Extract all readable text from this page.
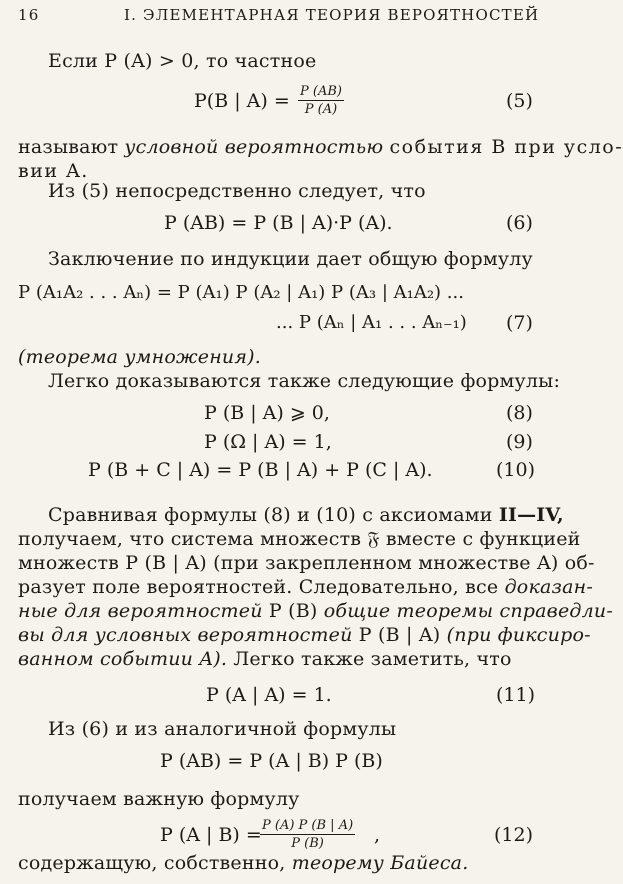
16	I. ЭЛЕМЕНТАРНАЯ ТЕОРИЯ ВЕРОЯТНОСТЕЙ
Если P (A) > 0, то частное
P(B | $A) = \frac{P (AB)}{P (A)}$	(5)
называют условной вероятностью события B при усло-
вии A.
Из (5) непосредственно следует, что
P (AB) = P (B | A)·P (A).	(6)
Заключение по индукции дает общую формулу
P (A₁A₂ . . . Aₙ) = P (A₁) P (A₂ | A₁) P (A₃ | A₁A₂) ...
... P (Aₙ | A₁ . . . Aₙ₋₁) (7)
(теорема умножения).
Легко доказываются также следующие формулы:
P (B | A) ⩾ 0,	(8)
P (Ω | A) = 1,	(9)
P (B + C | A) = P (B | A) + P (C | A).	(10)
Сравнивая формулы (8) и (10) с аксиомами II—IV,
получаем, что система множеств 𝔉 вместе с функцией
множеств P (B | A) (при закрепленном множестве A) об-
разует поле вероятностей. Следовательно, все доказан-
ные для вероятностей P (B) общие теоремы справедли-
вы для условных вероятностей P (B | A) (при фиксиро-
ванном событии A). Легко также заметить, что
P (A | A) = 1.	(11)
Из (6) и из аналогичной формулы
P (AB) = P (A | B) P (B)
получаем важную формулу
P (A | B) =
$\frac{P (A) P (B | A)}{P (B)}$ ,	(12)
содержащую, собственно, теорему Байеса.
